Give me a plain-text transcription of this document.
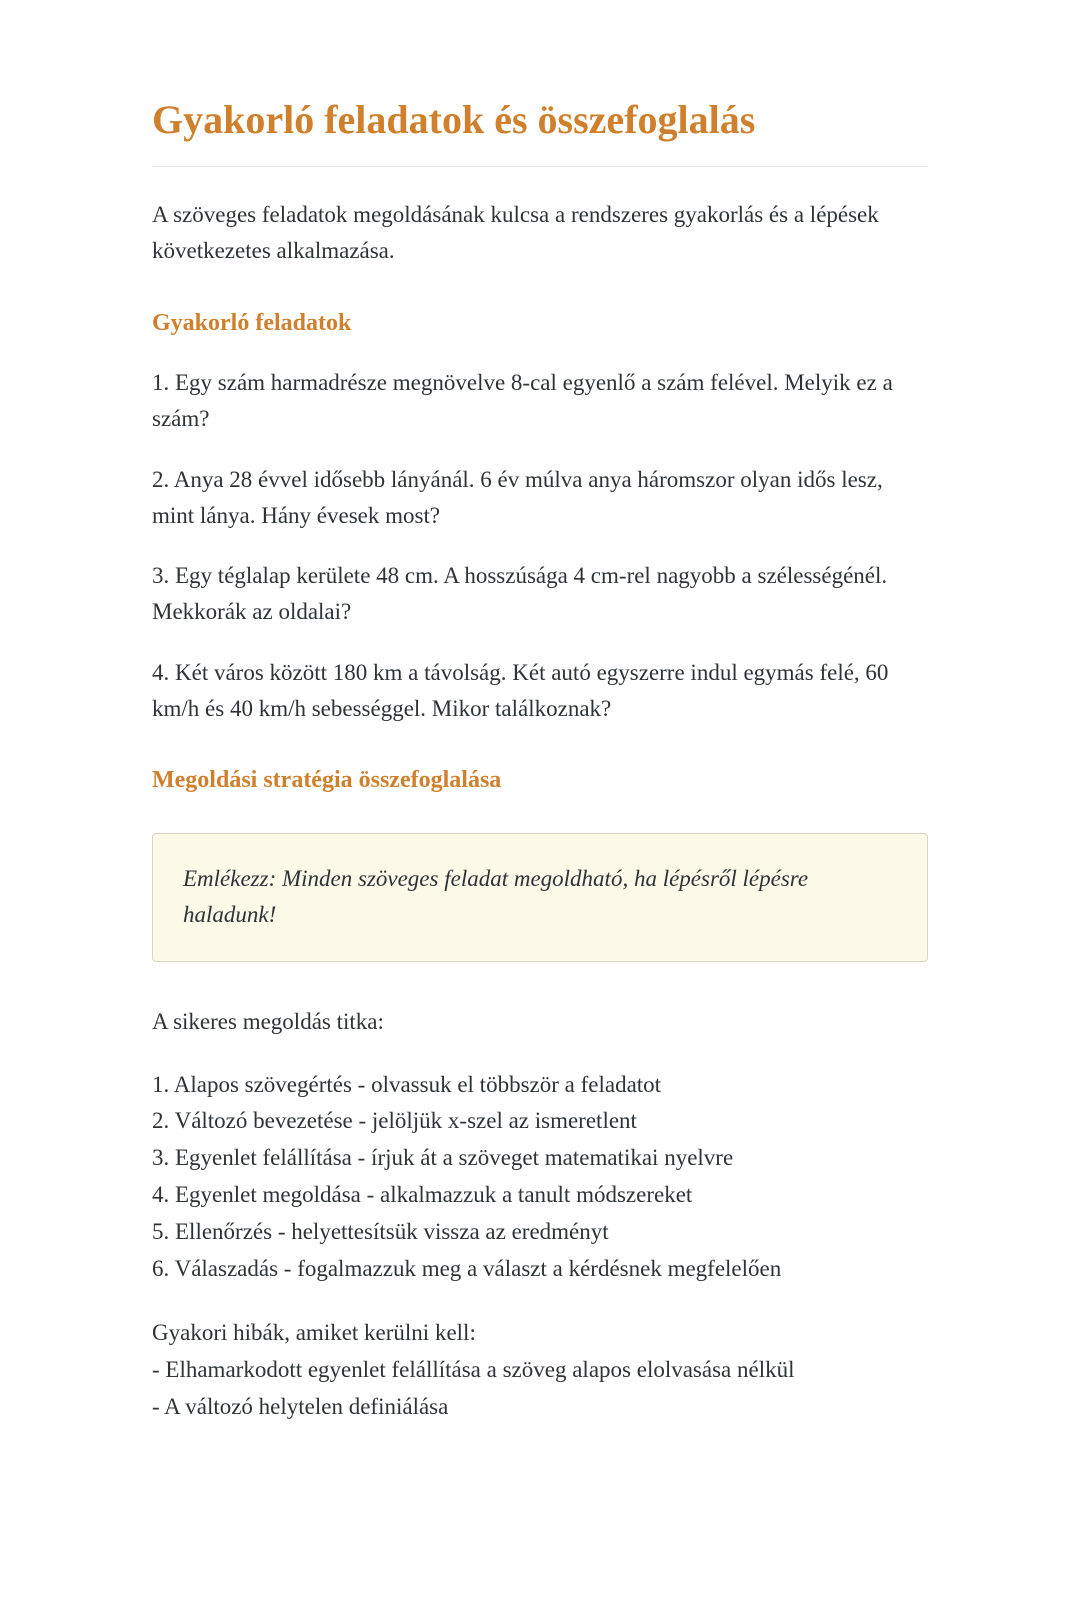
Gyakorló feladatok és összefoglalás

A szöveges feladatok megoldásának kulcsa a rendszeres gyakorlás és a lépések következetes alkalmazása.

Gyakorló feladatok

1. Egy szám harmadrésze megnövelve 8-cal egyenlő a szám felével. Melyik ez a szám?

2. Anya 28 évvel idősebb lányánál. 6 év múlva anya háromszor olyan idős lesz, mint lánya. Hány évesek most?

3. Egy téglalap kerülete 48 cm. A hosszúsága 4 cm-rel nagyobb a szélességénél. Mekkorák az oldalai?

4. Két város között 180 km a távolság. Két autó egyszerre indul egymás felé, 60 km/h és 40 km/h sebességgel. Mikor találkoznak?

Megoldási stratégia összefoglalása

Emlékezz: Minden szöveges feladat megoldható, ha lépésről lépésre haladunk!

A sikeres megoldás titka:

1. Alapos szövegértés - olvassuk el többször a feladatot
2. Változó bevezetése - jelöljük x-szel az ismeretlent
3. Egyenlet felállítása - írjuk át a szöveget matematikai nyelvre
4. Egyenlet megoldása - alkalmazzuk a tanult módszereket
5. Ellenőrzés - helyettesítsük vissza az eredményt
6. Válaszadás - fogalmazzuk meg a választ a kérdésnek megfelelően
Gyakori hibák, amiket kerülni kell:
- Elhamarkodott egyenlet felállítása a szöveg alapos elolvasása nélkül
- A változó helytelen definiálása
